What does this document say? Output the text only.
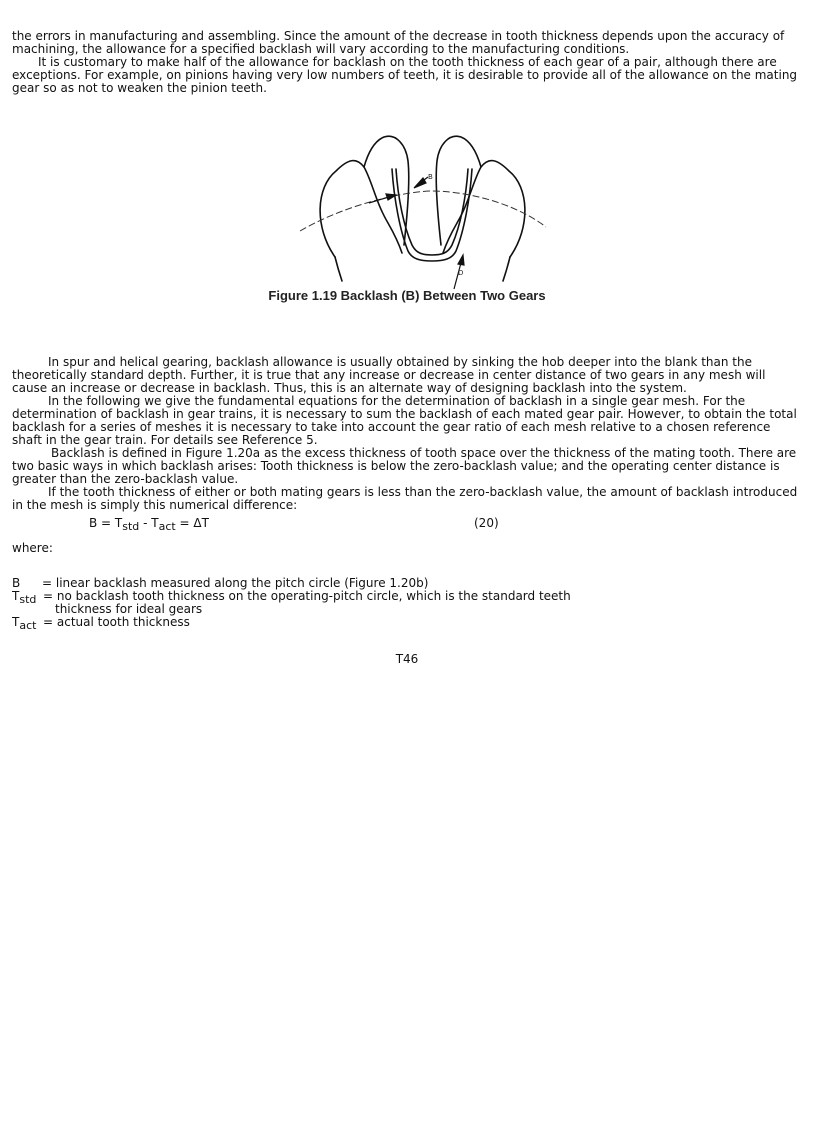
the errors in manufacturing and assembling. Since the amount of the decrease in tooth thickness depends upon the accuracy of machining, the allowance for a specified backlash will vary according to the manufacturing conditions.

It is customary to make half of the allowance for backlash on the tooth thickness of each gear of a pair, although there are exceptions. For example, on pinions having very low numbers of teeth, it is desirable to provide all of the allowance on the mating gear so as not to weaken the pinion teeth.

B
D
Figure 1.19 Backlash (B) Between Two Gears

In spur and helical gearing, backlash allowance is usually obtained by sinking the hob deeper into the blank than the theoretically standard depth. Further, it is true that any increase or decrease in center distance of two gears in any mesh will cause an increase or decrease in backlash. Thus, this is an alternate way of designing backlash into the system.

In the following we give the fundamental equations for the determination of backlash in a single gear mesh. For the determination of backlash in gear trains, it is necessary to sum the backlash of each mated gear pair. However, to obtain the total backlash for a series of meshes it is necessary to take into account the gear ratio of each mesh relative to a chosen reference shaft in the gear train. For details see Reference 5.

Backlash is defined in Figure 1.20a as the excess thickness of tooth space over the thickness of the mating tooth. There are two basic ways in which backlash arises: Tooth thickness is below the zero-backlash value; and the operating center distance is greater than the zero-backlash value.

If the tooth thickness of either or both mating gears is less than the zero-backlash value, the amount of backlash introduced in the mesh is simply this numerical difference:

$B = T_{std} - T_{act} = \Delta T$	(20)

where:

B = linear backlash measured along the pitch circle (Figure 1.20b)
$T_{std}$ = no backlash tooth thickness on the operating-pitch circle, which is the standard teeth
thickness for ideal gears
$T_{act}$ = actual tooth thickness
T46
